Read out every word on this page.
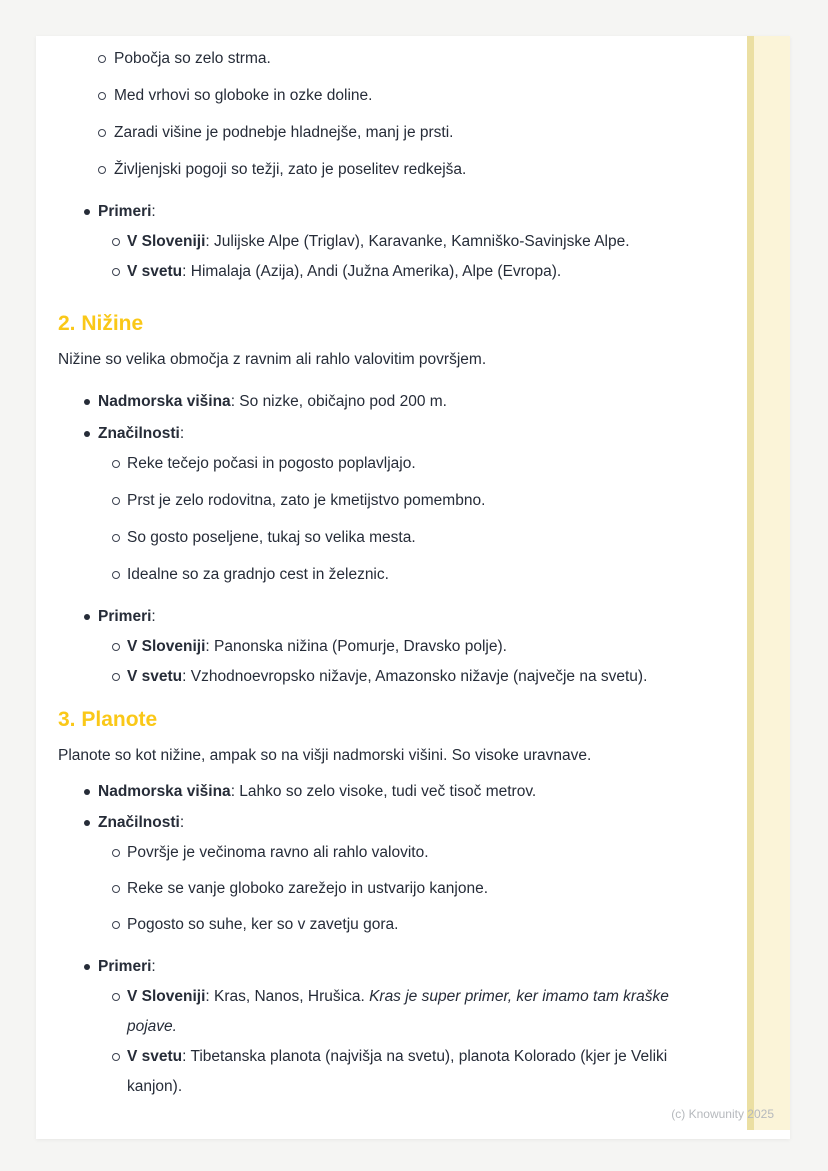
Pobočja so zelo strma.
Med vrhovi so globoke in ozke doline.
Zaradi višine je podnebje hladnejše, manj je prsti.
Življenjski pogoji so težji, zato je poselitev redkejša.
Primeri:
V Sloveniji: Julijske Alpe (Triglav), Karavanke, Kamniško-Savinjske Alpe.
V svetu: Himalaja (Azija), Andi (Južna Amerika), Alpe (Evropa).
2. Nižine

Nižine so velika območja z ravnim ali rahlo valovitim površjem.

Nadmorska višina: So nizke, običajno pod 200 m.
Značilnosti:
Reke tečejo počasi in pogosto poplavljajo.
Prst je zelo rodovitna, zato je kmetijstvo pomembno.
So gosto poseljene, tukaj so velika mesta.
Idealne so za gradnjo cest in železnic.
Primeri:
V Sloveniji: Panonska nižina (Pomurje, Dravsko polje).
V svetu: Vzhodnoevropsko nižavje, Amazonsko nižavje (največje na svetu).
3. Planote

Planote so kot nižine, ampak so na višji nadmorski višini. So visoke uravnave.

Nadmorska višina: Lahko so zelo visoke, tudi več tisoč metrov.
Značilnosti:
Površje je večinoma ravno ali rahlo valovito.
Reke se vanje globoko zarežejo in ustvarijo kanjone.
Pogosto so suhe, ker so v zavetju gora.
Primeri:
V Sloveniji: Kras, Nanos, Hrušica. Kras je super primer, ker imamo tam kraške pojave.
V svetu: Tibetanska planota (najvišja na svetu), planota Kolorado (kjer je Veliki kanjon).
(c) Knowunity 2025
